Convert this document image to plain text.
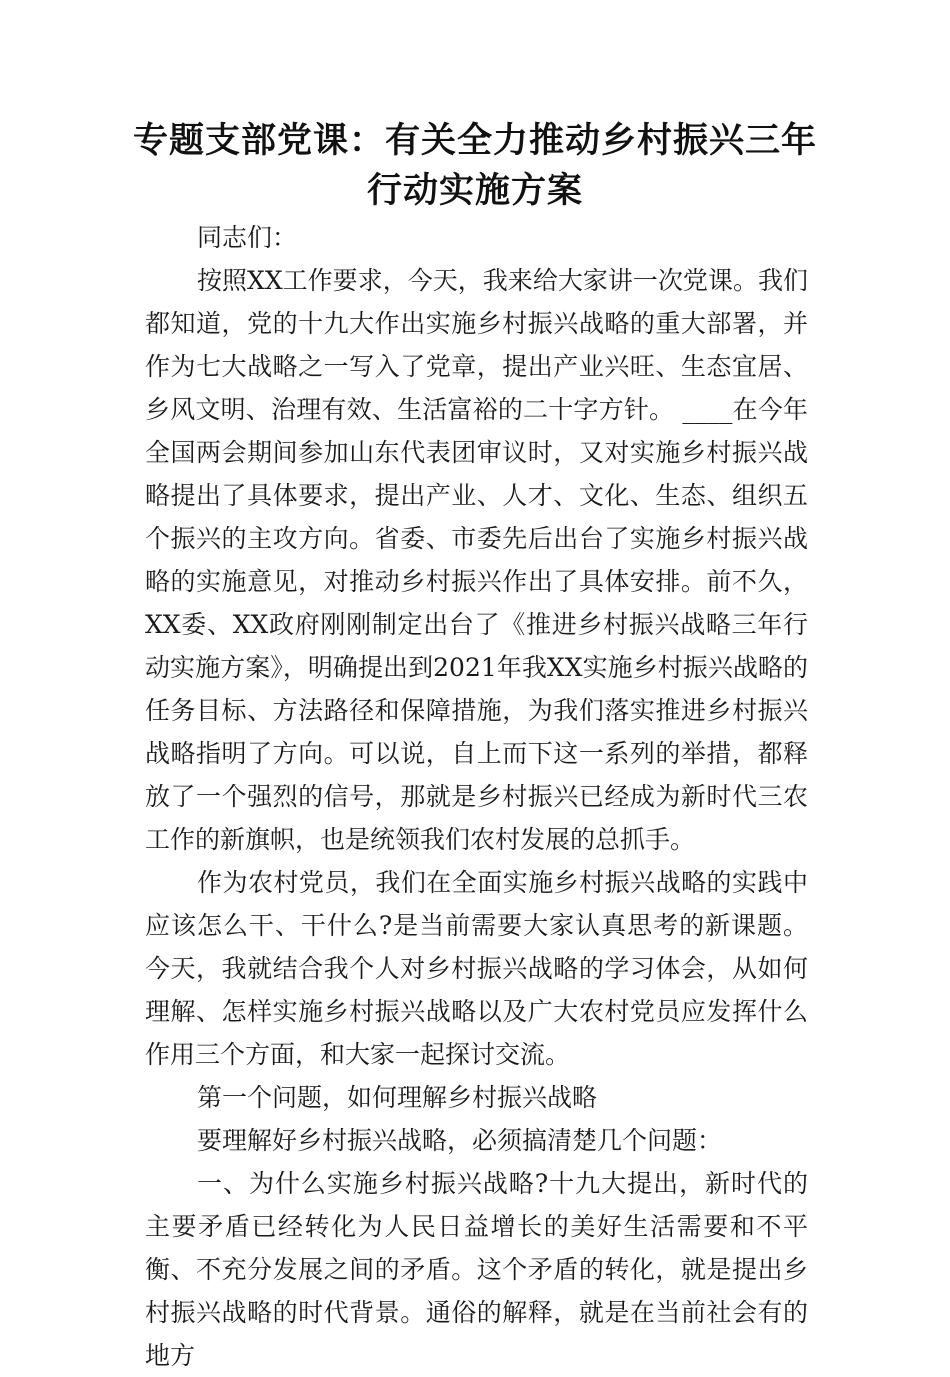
专题支部党课：有关全力推动乡村振兴三年行动实施方案

同志们：

按照XX工作要求，今天，我来给大家讲一次党课。我们都知道，党的十九大作出实施乡村振兴战略的重大部署，并作为七大战略之一写入了党章，提出产业兴旺、生态宜居、乡风文明、治理有效、生活富裕的二十字方针。 ____在今年全国两会期间参加山东代表团审议时，又对实施乡村振兴战略提出了具体要求，提出产业、人才、文化、生态、组织五个振兴的主攻方向。省委、市委先后出台了实施乡村振兴战略的实施意见，对推动乡村振兴作出了具体安排。前不久，XX委、XX政府刚刚制定出台了《推进乡村振兴战略三年行动实施方案》，明确提出到2021年我XX实施乡村振兴战略的任务目标、方法路径和保障措施，为我们落实推进乡村振兴战略指明了方向。可以说，自上而下这一系列的举措，都释放了一个强烈的信号，那就是乡村振兴已经成为新时代三农工作的新旗帜，也是统领我们农村发展的总抓手。

作为农村党员，我们在全面实施乡村振兴战略的实践中应该怎么干、干什么?是当前需要大家认真思考的新课题。今天，我就结合我个人对乡村振兴战略的学习体会，从如何理解、怎样实施乡村振兴战略以及广大农村党员应发挥什么作用三个方面，和大家一起探讨交流。

第一个问题，如何理解乡村振兴战略

要理解好乡村振兴战略，必须搞清楚几个问题：

一、为什么实施乡村振兴战略?十九大提出，新时代的主要矛盾已经转化为人民日益增长的美好生活需要和不平衡、不充分发展之间的矛盾。这个矛盾的转化，就是提出乡村振兴战略的时代背景。通俗的解释，就是在当前社会有的地方
